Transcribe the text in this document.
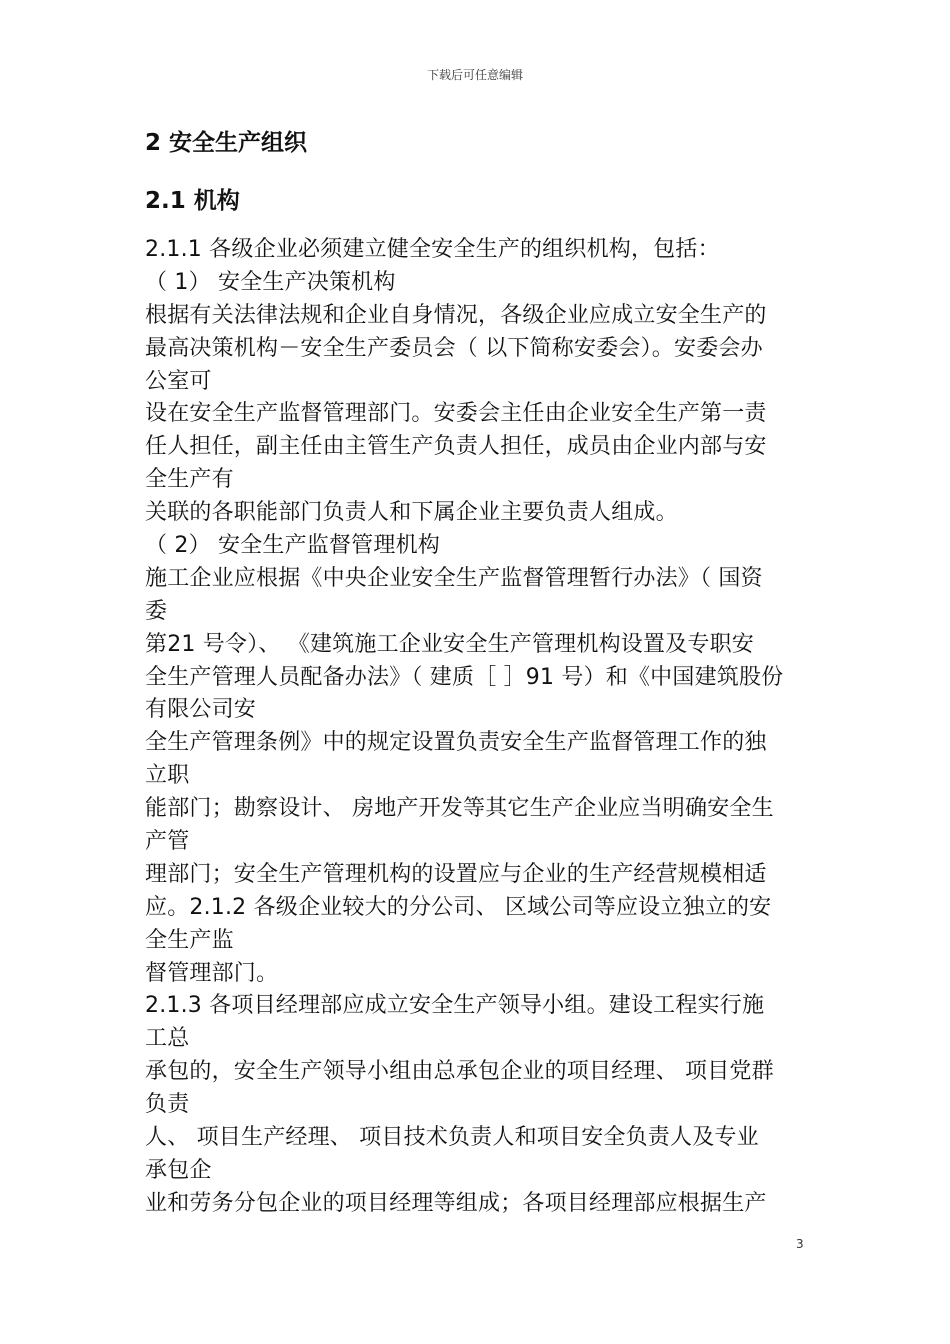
下载后可任意编辑
2 安全生产组织
2.1 机构
2.1.1 各级企业必须建立健全安全生产的组织机构，包括：
（ 1） 安全生产决策机构
根据有关法律法规和企业自身情况，各级企业应成立安全生产的
最高决策机构－安全生产委员会（ 以下简称安委会）。安委会办
公室可
设在安全生产监督管理部门。安委会主任由企业安全生产第一责
任人担任，副主任由主管生产负责人担任，成员由企业内部与安
全生产有
关联的各职能部门负责人和下属企业主要负责人组成。
（ 2） 安全生产监督管理机构
施工企业应根据《中央企业安全生产监督管理暂行办法》（ 国资
委
第21 号令）、 《建筑施工企业安全生产管理机构设置及专职安
全生产管理人员配备办法》（ 建质［ ］91 号）和《中国建筑股份
有限公司安
全生产管理条例》中的规定设置负责安全生产监督管理工作的独
立职
能部门；勘察设计、 房地产开发等其它生产企业应当明确安全生
产管
理部门；安全生产管理机构的设置应与企业的生产经营规模相适
应。2.1.2 各级企业较大的分公司、 区域公司等应设立独立的安
全生产监
督管理部门。
2.1.3 各项目经理部应成立安全生产领导小组。建设工程实行施
工总
承包的，安全生产领导小组由总承包企业的项目经理、 项目党群
负责
人、 项目生产经理、 项目技术负责人和项目安全负责人及专业
承包企
业和劳务分包企业的项目经理等组成；各项目经理部应根据生产
3
